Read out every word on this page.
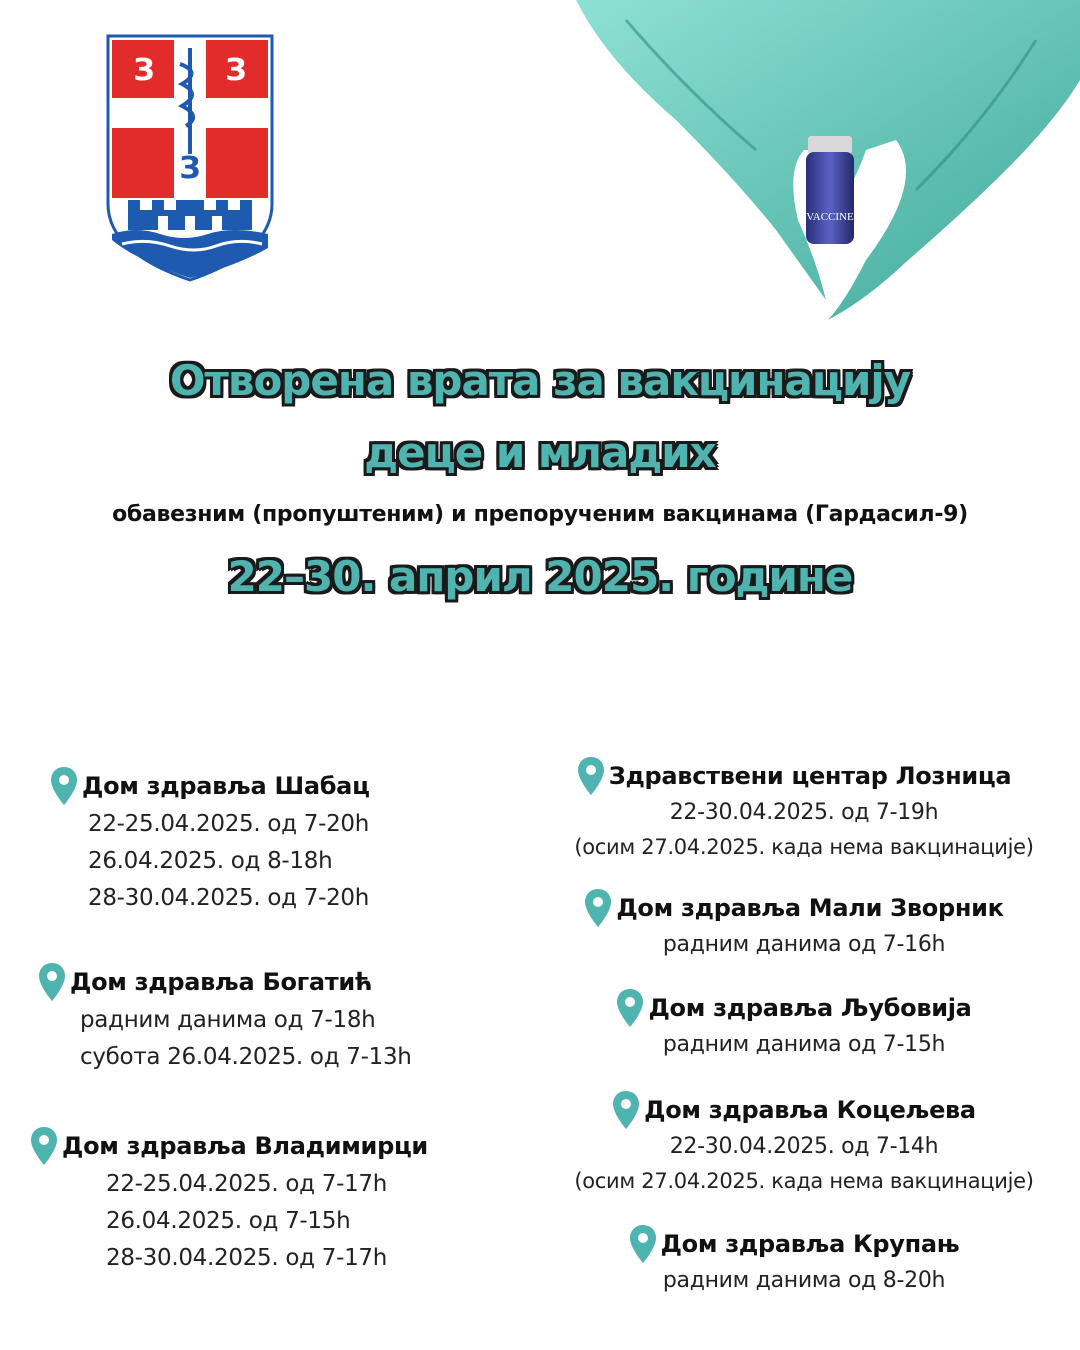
З З
З
VACCINE
Отворена врата за вакцинацију
деце и младих
обавезним (пропуштеним) и препорученим вакцинама (Гардасил-9)
22–30. април 2025. године
Дом здравља Шабац
22-25.04.2025. од 7-20h
26.04.2025. од 8-18h
28-30.04.2025. од 7-20h
Дом здравља Богатић
радним данима од 7-18h
субота 26.04.2025. од 7-13h
Дом здравља Владимирци
22-25.04.2025. од 7-17h
26.04.2025. од 7-15h
28-30.04.2025. од 7-17h
Здравствени центар Лозница
22-30.04.2025. од 7-19h
(осим 27.04.2025. када нема вакцинације)
Дом здравља Мали Зворник
радним данима од 7-16h
Дом здравља Љубовија
радним данима од 7-15h
Дом здравља Коцељева
22-30.04.2025. од 7-14h
(осим 27.04.2025. када нема вакцинације)
Дом здравља Крупањ
радним данима од 8-20h
